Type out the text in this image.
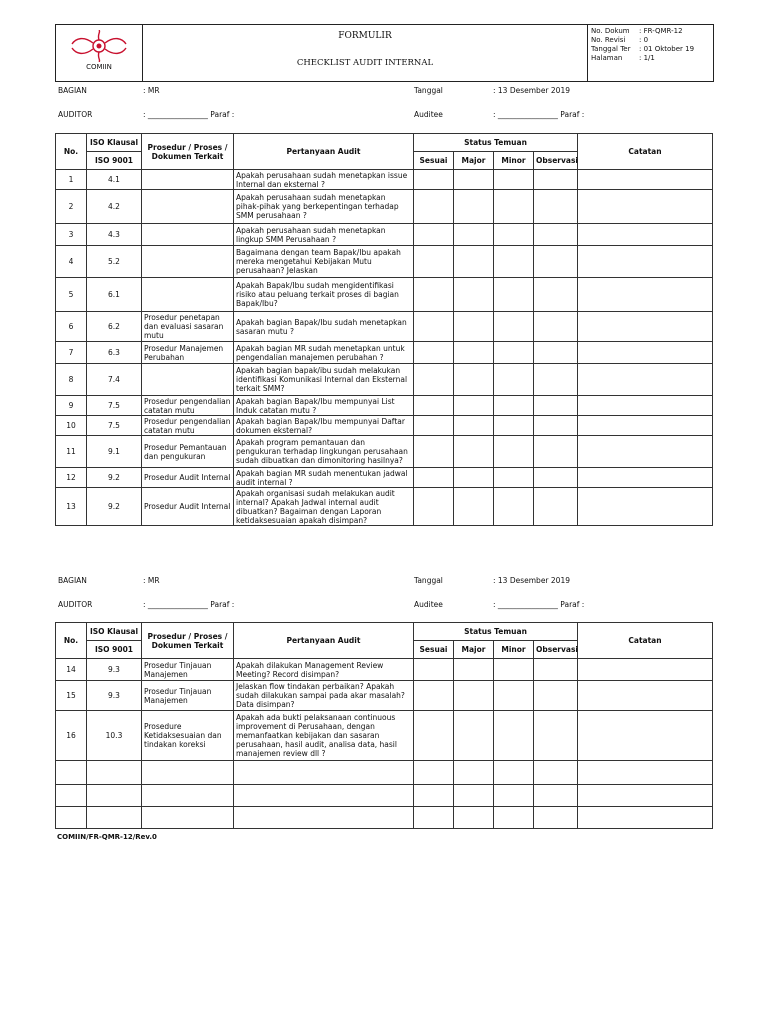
COMIIN
FORMULIR
CHECKLIST AUDIT INTERNAL
No. Dokum : FR-QMR-12
No. Revisi : 0
Tanggal Ter : 01 Oktober 19
Halaman : 1/1
BAGIAN	: MR	Tanggal	: 13 Desember 2019
AUDITOR	: ________________ Paraf :	Auditee	: ________________ Paraf :
No.	ISO Klausal	Prosedur / Proses / Dokumen Terkait	Pertanyaan Audit	Status Temuan				Catatan
	ISO 9001			Sesuai	Major	Minor	Observasi	
1	4.1		Apakah perusahaan sudah menetapkan issue Internal dan eksternal ?					
2	4.2		Apakah perusahaan sudah menetapkan pihak-pihak yang berkepentingan terhadap SMM perusahaan ?					
3	4.3		Apakah perusahaan sudah menetapkan lingkup SMM Perusahaan ?					
4	5.2		Bagaimana dengan team Bapak/Ibu apakah mereka mengetahui Kebijakan Mutu perusahaan? Jelaskan					
5	6.1		Apakah Bapak/Ibu sudah mengidentifikasi risiko atau peluang terkait proses di bagian Bapak/Ibu?					
6	6.2	Prosedur penetapan dan evaluasi sasaran mutu	Apakah bagian Bapak/Ibu sudah menetapkan sasaran mutu ?					
7	6.3	Prosedur Manajemen Perubahan	Apakah bagian MR sudah menetapkan untuk pengendalian manajemen perubahan ?					
8	7.4		Apakah bagian bapak/ibu sudah melakukan identifikasi Komunikasi Internal dan Eksternal terkait SMM?					
9	7.5	Prosedur pengendalian catatan mutu	Apakah bagian Bapak/Ibu mempunyai List Induk catatan mutu ?					
10	7.5	Prosedur pengendalian catatan mutu	Apakah bagian Bapak/Ibu mempunyai Daftar dokumen eksternal?					
11	9.1	Prosedur Pemantauan dan pengukuran	Apakah program pemantauan dan pengukuran terhadap lingkungan perusahaan sudah dibuatkan dan dimonitoring hasilnya?					
12	9.2	Prosedur Audit Internal	Apakah bagian MR sudah menentukan jadwal audit internal ?					
13	9.2	Prosedur Audit Internal	Apakah organisasi sudah melakukan audit internal? Apakah Jadwal internal audit dibuatkan? Bagaiman dengan Laporan ketidaksesuaian apakah disimpan?					
BAGIAN	: MR	Tanggal	: 13 Desember 2019
AUDITOR	: ________________ Paraf :	Auditee	: ________________ Paraf :
No.	ISO Klausal	Prosedur / Proses / Dokumen Terkait	Pertanyaan Audit	Status Temuan				Catatan
	ISO 9001			Sesuai	Major	Minor	Observasi	
14	9.3	Prosedur Tinjauan Manajemen	Apakah dilakukan Management Review Meeting? Record disimpan?					
15	9.3	Prosedur Tinjauan Manajemen	Jelaskan flow tindakan perbaikan? Apakah sudah dilakukan sampai pada akar masalah? Data disimpan?					
16	10.3	Prosedure Ketidaksesuaian dan tindakan koreksi	Apakah ada bukti pelaksanaan continuous improvement di Perusahaan, dengan memanfaatkan kebijakan dan sasaran perusahaan, hasil audit, analisa data, hasil manajemen review dll ?					

COMIIN/FR-QMR-12/Rev.0
